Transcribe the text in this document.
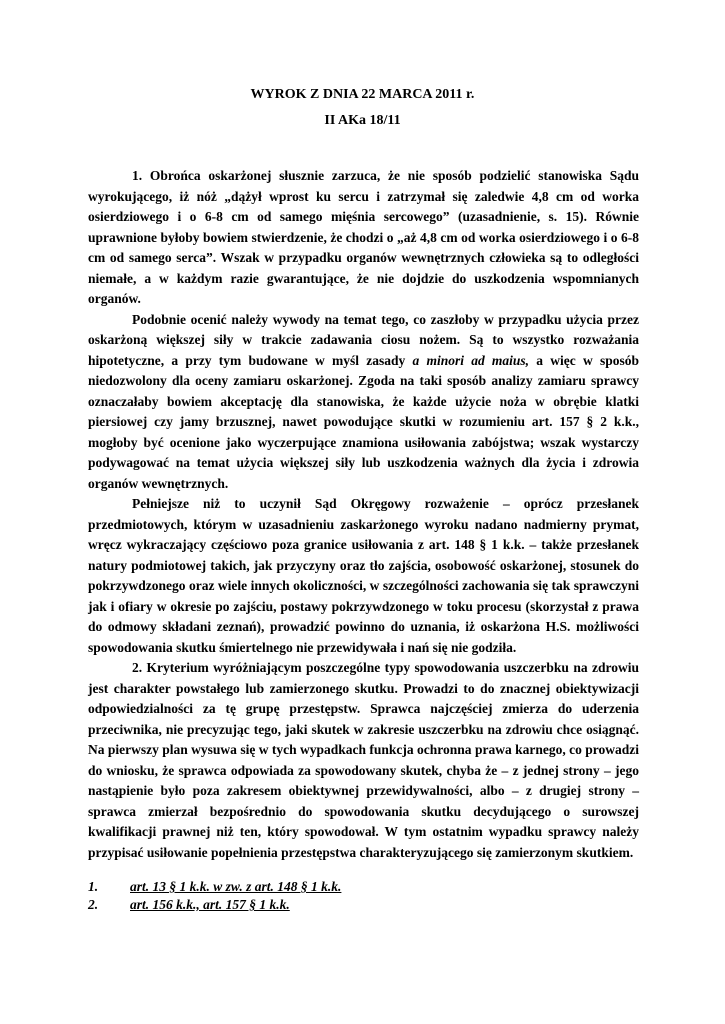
WYROK Z DNIA 22 MARCA 2011 r.
II AKa 18/11

1. Obrońca oskarżonej słusznie zarzuca, że nie sposób podzielić stanowiska Sądu wyrokującego, iż nóż „dążył wprost ku sercu i zatrzymał się zaledwie 4,8 cm od worka osierdziowego i o 6-8 cm od samego mięśnia sercowego” (uzasadnienie, s. 15). Równie uprawnione byłoby bowiem stwierdzenie, że chodzi o „aż 4,8 cm od worka osierdziowego i o 6-8 cm od samego serca”. Wszak w przypadku organów wewnętrznych człowieka są to odległości niemałe, a w każdym razie gwarantujące, że nie dojdzie do uszkodzenia wspomnianych organów.

Podobnie ocenić należy wywody na temat tego, co zaszłoby w przypadku użycia przez oskarżoną większej siły w trakcie zadawania ciosu nożem. Są to wszystko rozważania hipotetyczne, a przy tym budowane w myśl zasady a minori ad maius, a więc w sposób niedozwolony dla oceny zamiaru oskarżonej. Zgoda na taki sposób analizy zamiaru sprawcy oznaczałaby bowiem akceptację dla stanowiska, że każde użycie noża w obrębie klatki piersiowej czy jamy brzusznej, nawet powodujące skutki w rozumieniu art. 157 § 2 k.k., mogłoby być ocenione jako wyczerpujące znamiona usiłowania zabójstwa; wszak wystarczy podywagować na temat użycia większej siły lub uszkodzenia ważnych dla życia i zdrowia organów wewnętrznych.

Pełniejsze niż to uczynił Sąd Okręgowy rozważenie – oprócz przesłanek przedmiotowych, którym w uzasadnieniu zaskarżonego wyroku nadano nadmierny prymat, wręcz wykraczający częściowo poza granice usiłowania z art. 148 § 1 k.k. – także przesłanek natury podmiotowej takich, jak przyczyny oraz tło zajścia, osobowość oskarżonej, stosunek do pokrzywdzonego oraz wiele innych okoliczności, w szczególności zachowania się tak sprawczyni jak i ofiary w okresie po zajściu, postawy pokrzywdzonego w toku procesu (skorzystał z prawa do odmowy składani zeznań), prowadzić powinno do uznania, iż oskarżona H.S. możliwości spowodowania skutku śmiertelnego nie przewidywała i nań się nie godziła.

2. Kryterium wyróżniającym poszczególne typy spowodowania uszczerbku na zdrowiu jest charakter powstałego lub zamierzonego skutku. Prowadzi to do znacznej obiektywizacji odpowiedzialności za tę grupę przestępstw. Sprawca najczęściej zmierza do uderzenia przeciwnika, nie precyzując tego, jaki skutek w zakresie uszczerbku na zdrowiu chce osiągnąć. Na pierwszy plan wysuwa się w tych wypadkach funkcja ochronna prawa karnego, co prowadzi do wniosku, że sprawca odpowiada za spowodowany skutek, chyba że – z jednej strony – jego nastąpienie było poza zakresem obiektywnej przewidywalności, albo – z drugiej strony – sprawca zmierzał bezpośrednio do spowodowania skutku decydującego o surowszej kwalifikacji prawnej niż ten, który spowodował. W tym ostatnim wypadku sprawcy należy przypisać usiłowanie popełnienia przestępstwa charakteryzującego się zamierzonym skutkiem.

1.	art. 13 § 1 k.k. w zw. z art. 148 § 1 k.k.
2.	art. 156 k.k., art. 157 § 1 k.k.
